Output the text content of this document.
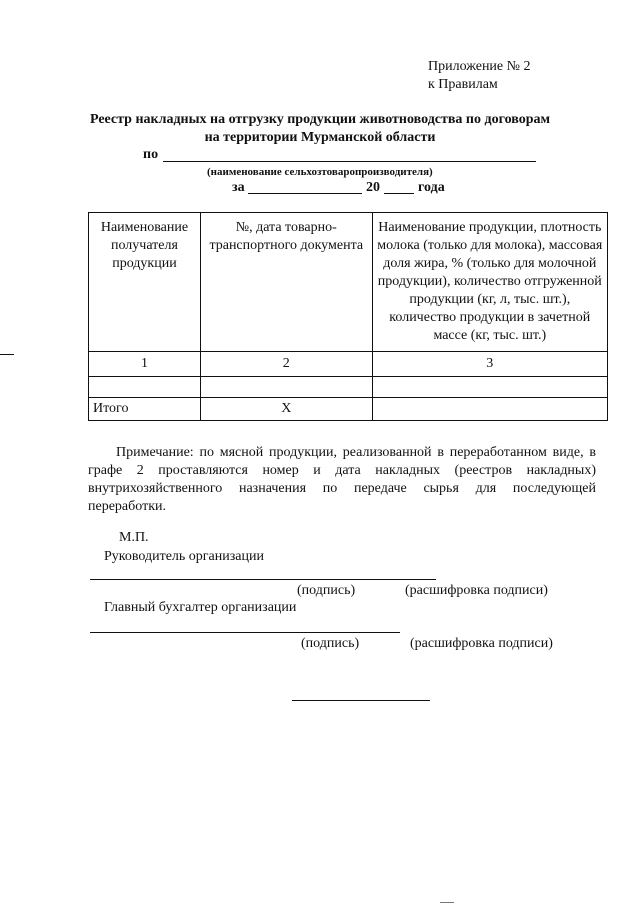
Приложение № 2
к Правилам
Реестр накладных на отгрузку продукции животноводства по договорам
на территории Мурманской области
по
(наименование сельхозтоваропроизводителя)
за	20	года
Наименование получателя продукции	№, дата товарно-транспортного документа	Наименование продукции, плотность молока (только для молока), массовая доля жира, % (только для молочной продукции), количество отгруженной продукции (кг, л, тыс. шт.), количество продукции в зачетной массе (кг, тыс. шт.)
1	2	3

Итого	Х	
Примечание: по мясной продукции, реализованной в переработанном виде, в графе 2 проставляются номер и дата накладных (реестров накладных) внутрихозяйственного назначения по передаче сырья для последующей переработки.
М.П.
Руководитель организации
(подпись)	(расшифровка подписи)
Главный бухгалтер организации
(подпись)	(расшифровка подписи)
